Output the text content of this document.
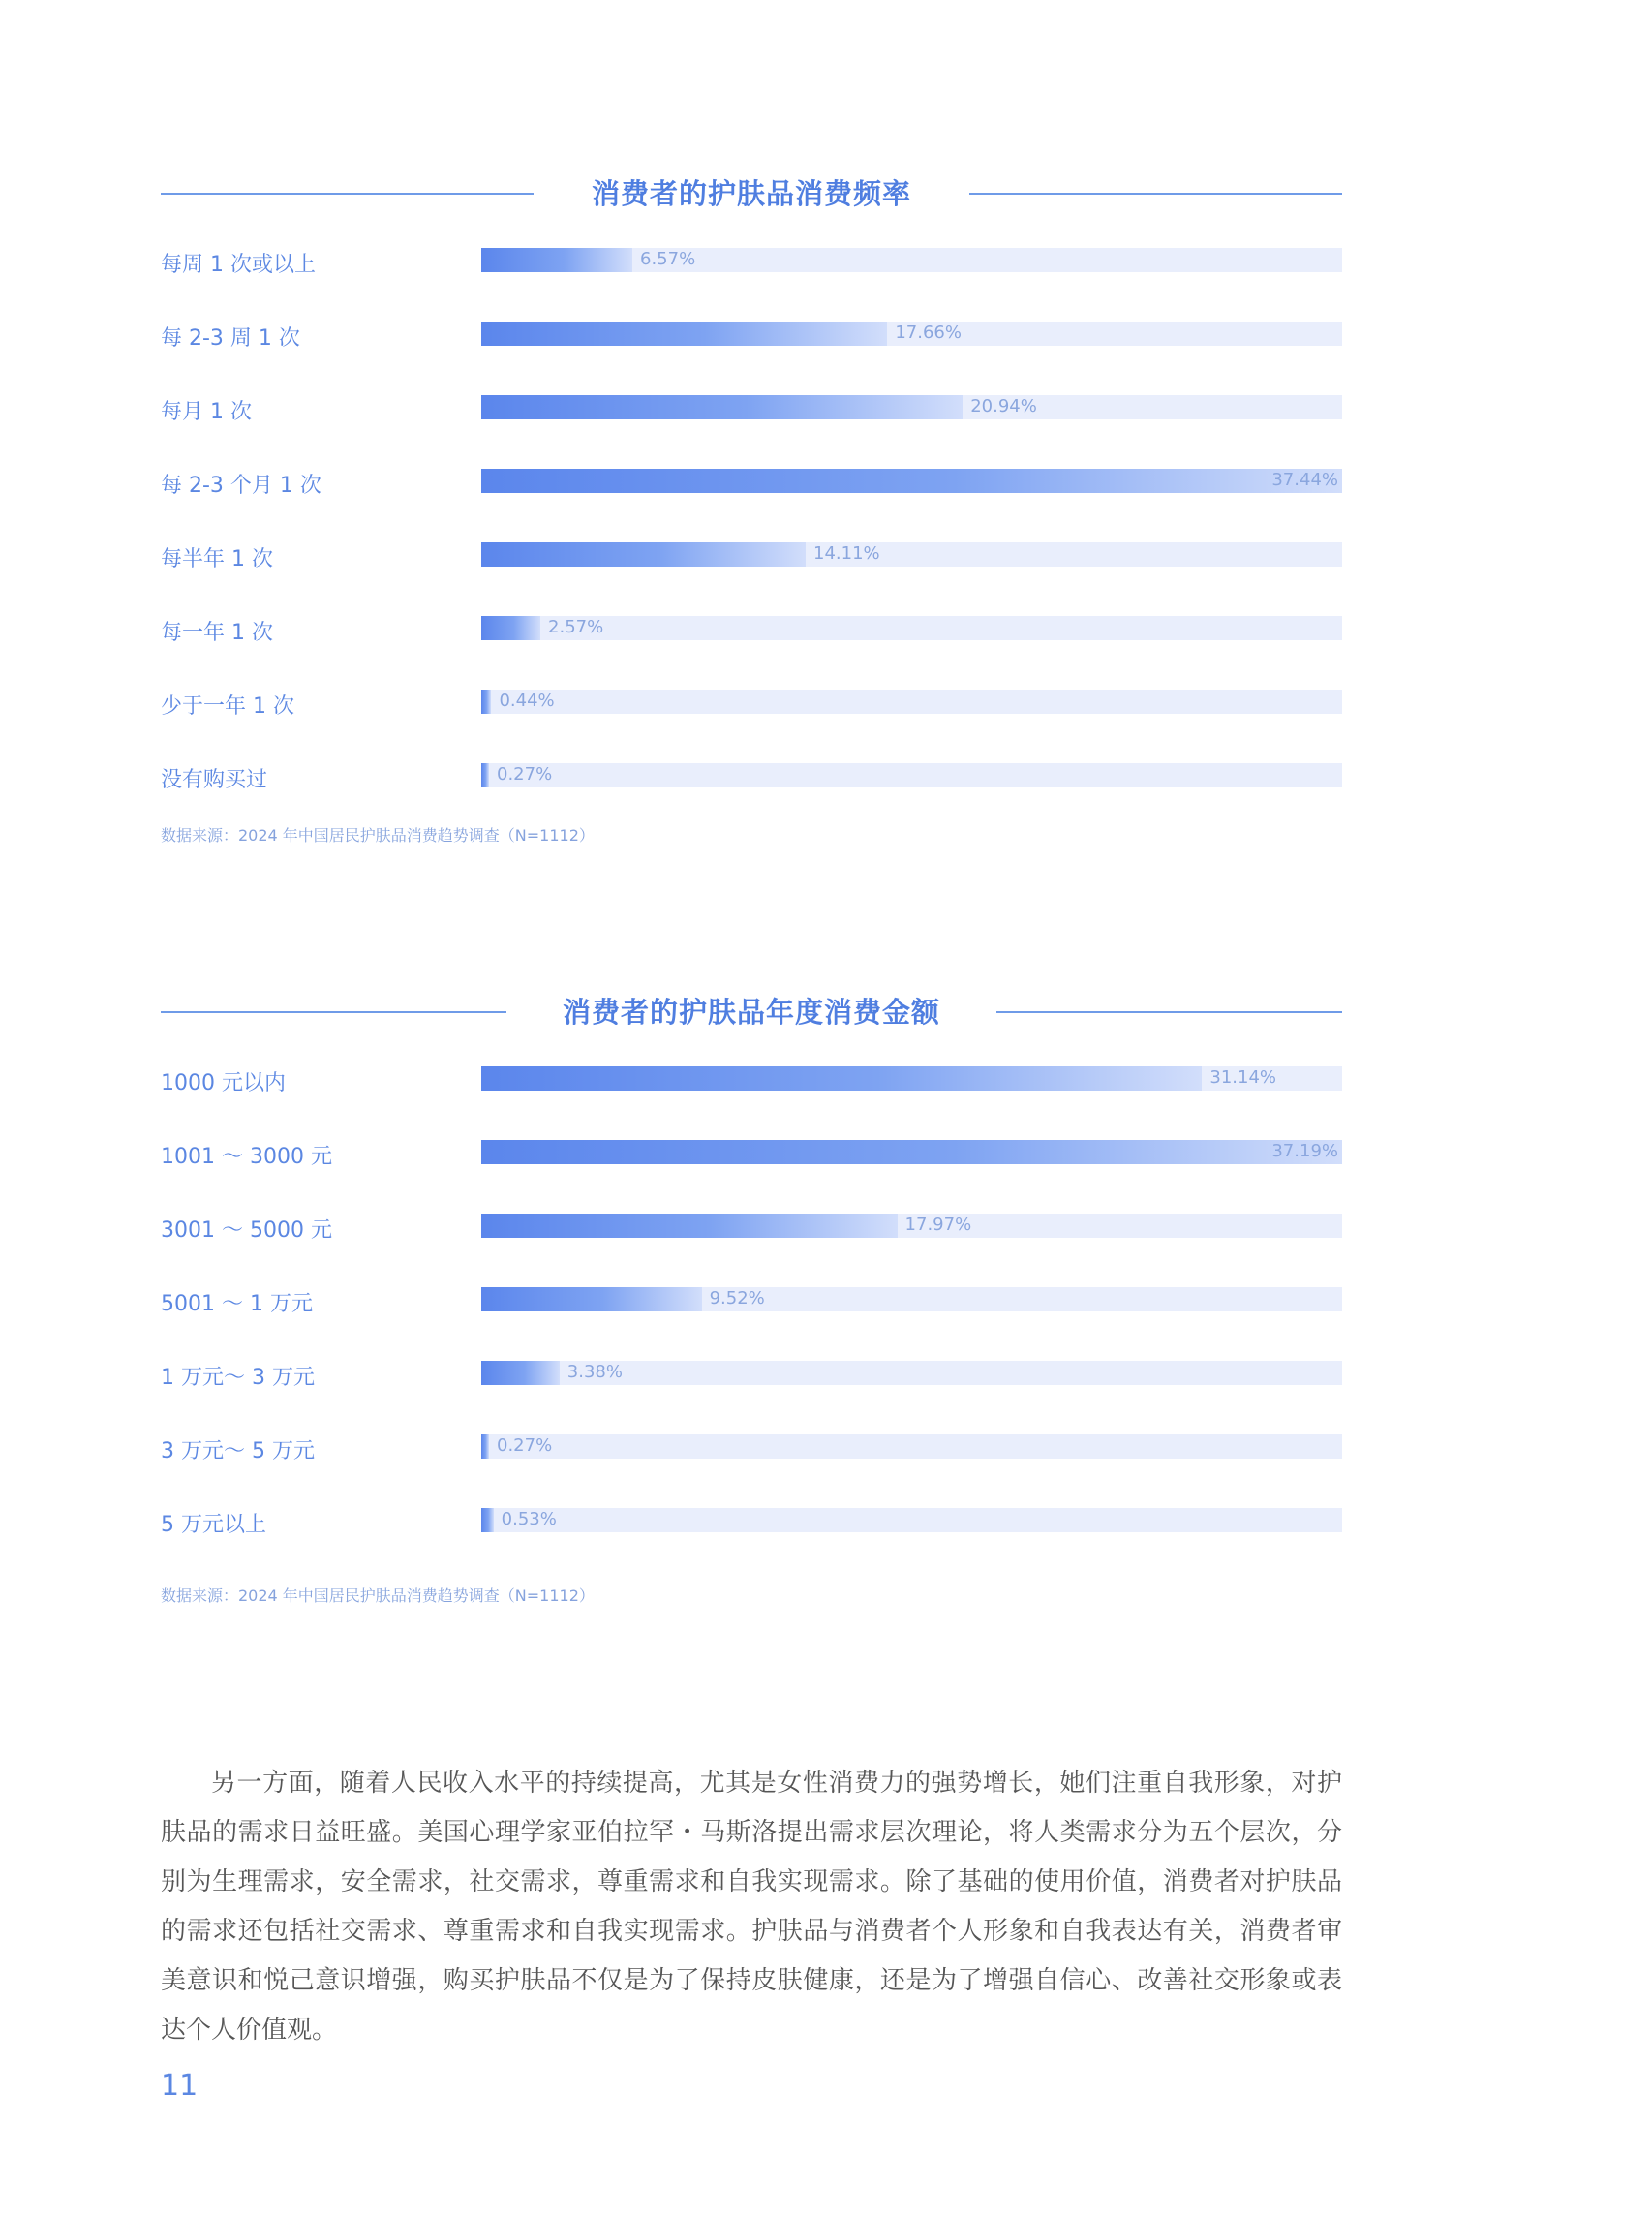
消费者的护肤品消费频率
每周 1 次或以上	6.57%
每 2-3 周 1 次	17.66%
每月 1 次	20.94%
每 2-3 个月 1 次	37.44%
每半年 1 次	14.11%
每一年 1 次	2.57%
少于一年 1 次	0.44%
没有购买过	0.27%
数据来源：2024 年中国居民护肤品消费趋势调查（N=1112）
消费者的护肤品年度消费金额
1000 元以内	31.14%
1001 ～ 3000 元	37.19%
3001 ～ 5000 元	17.97%
5001 ～ 1 万元	9.52%
1 万元～ 3 万元	3.38%
3 万元～ 5 万元	0.27%
5 万元以上	0.53%
数据来源：2024 年中国居民护肤品消费趋势调查（N=1112）

另一方面，随着人民收入水平的持续提高，尤其是女性消费力的强势增长，她们注重自我形象，对护肤品的需求日益旺盛。美国心理学家亚伯拉罕・马斯洛提出需求层次理论，将人类需求分为五个层次，分别为生理需求，安全需求，社交需求，尊重需求和自我实现需求。除了基础的使用价值，消费者对护肤品的需求还包括社交需求、尊重需求和自我实现需求。护肤品与消费者个人形象和自我表达有关，消费者审美意识和悦己意识增强，购买护肤品不仅是为了保持皮肤健康，还是为了增强自信心、改善社交形象或表达个人价值观。

11
